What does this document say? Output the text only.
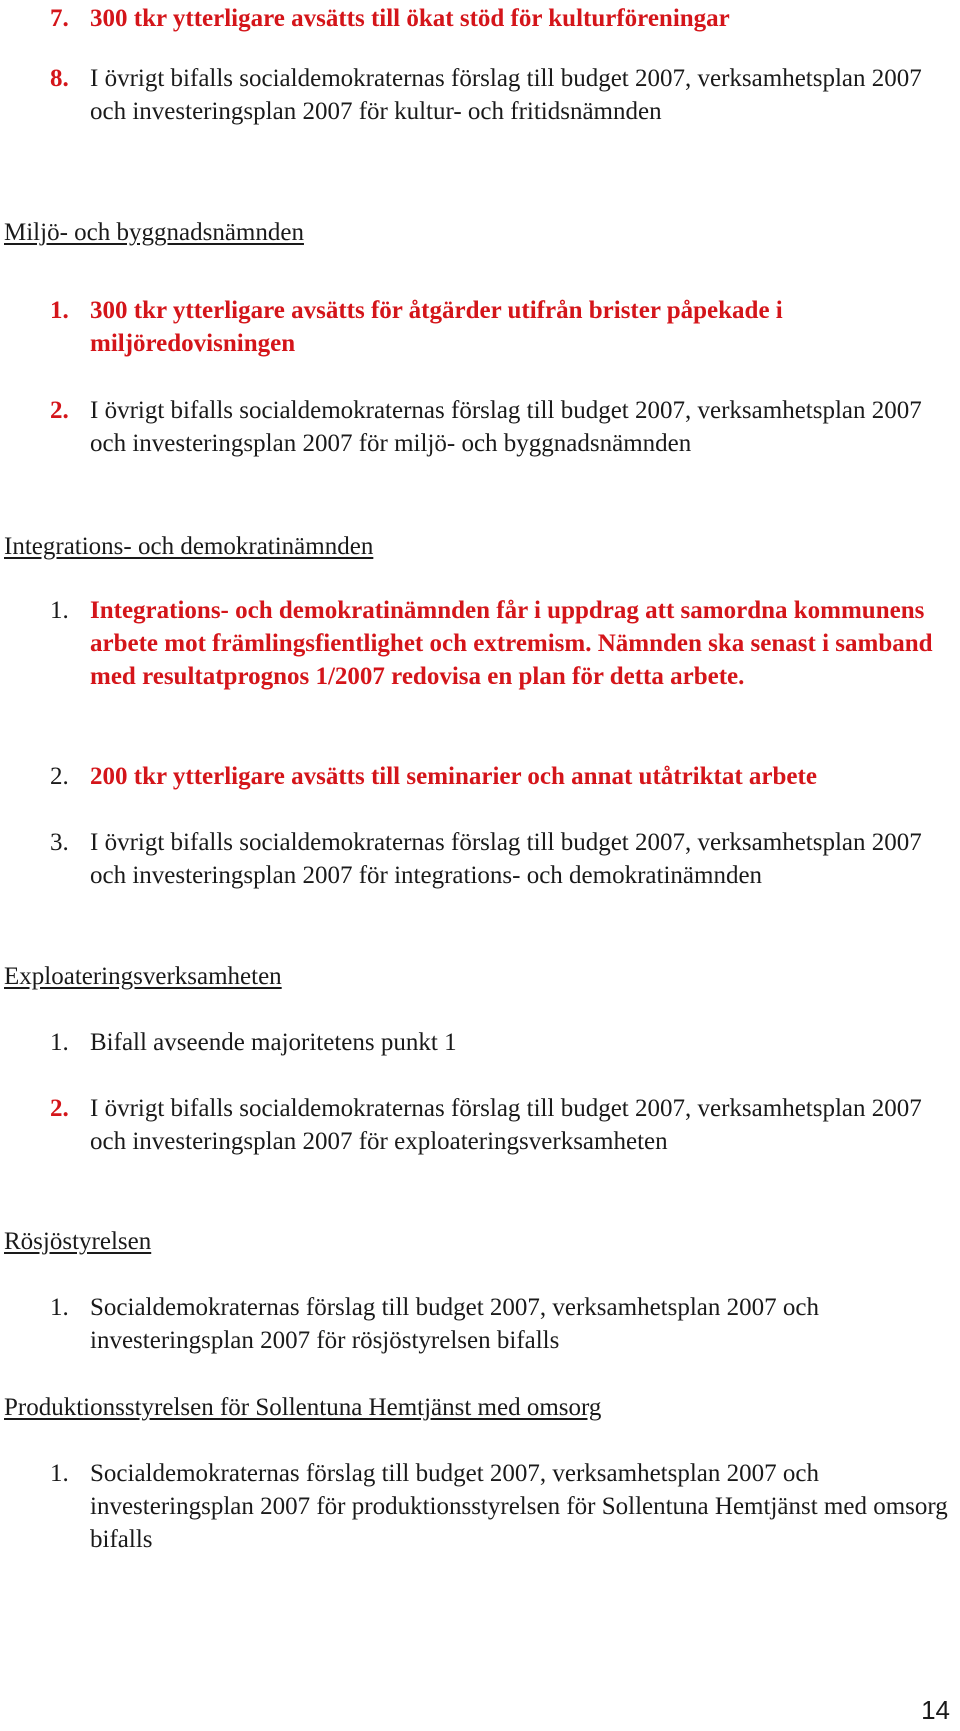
7. 300 tkr ytterligare avsätts till ökat stöd för kulturföreningar
8. I övrigt bifalls socialdemokraternas förslag till budget 2007, verksamhetsplan 2007 och investeringsplan 2007 för kultur- och fritidsnämnden
Miljö- och byggnadsnämnden
1. 300 tkr ytterligare avsätts för åtgärder utifrån brister påpekade i miljöredovisningen
2. I övrigt bifalls socialdemokraternas förslag till budget 2007, verksamhetsplan 2007 och investeringsplan 2007 för miljö- och byggnadsnämnden
Integrations- och demokratinämnden
1. Integrations- och demokratinämnden får i uppdrag att samordna kommunens arbete mot främlingsfientlighet och extremism. Nämnden ska senast i samband med resultatprognos 1/2007 redovisa en plan för detta arbete.
2. 200 tkr ytterligare avsätts till seminarier och annat utåtriktat arbete
3. I övrigt bifalls socialdemokraternas förslag till budget 2007, verksamhetsplan 2007 och investeringsplan 2007 för integrations- och demokratinämnden
Exploateringsverksamheten
1. Bifall avseende majoritetens punkt 1
2. I övrigt bifalls socialdemokraternas förslag till budget 2007, verksamhetsplan 2007 och investeringsplan 2007 för exploateringsverksamheten
Rösjöstyrelsen
1. Socialdemokraternas förslag till budget 2007, verksamhetsplan 2007 och investeringsplan 2007 för rösjöstyrelsen bifalls
Produktionsstyrelsen för Sollentuna Hemtjänst med omsorg
1. Socialdemokraternas förslag till budget 2007, verksamhetsplan 2007 och investeringsplan 2007 för produktionsstyrelsen för Sollentuna Hemtjänst med omsorg bifalls
14
